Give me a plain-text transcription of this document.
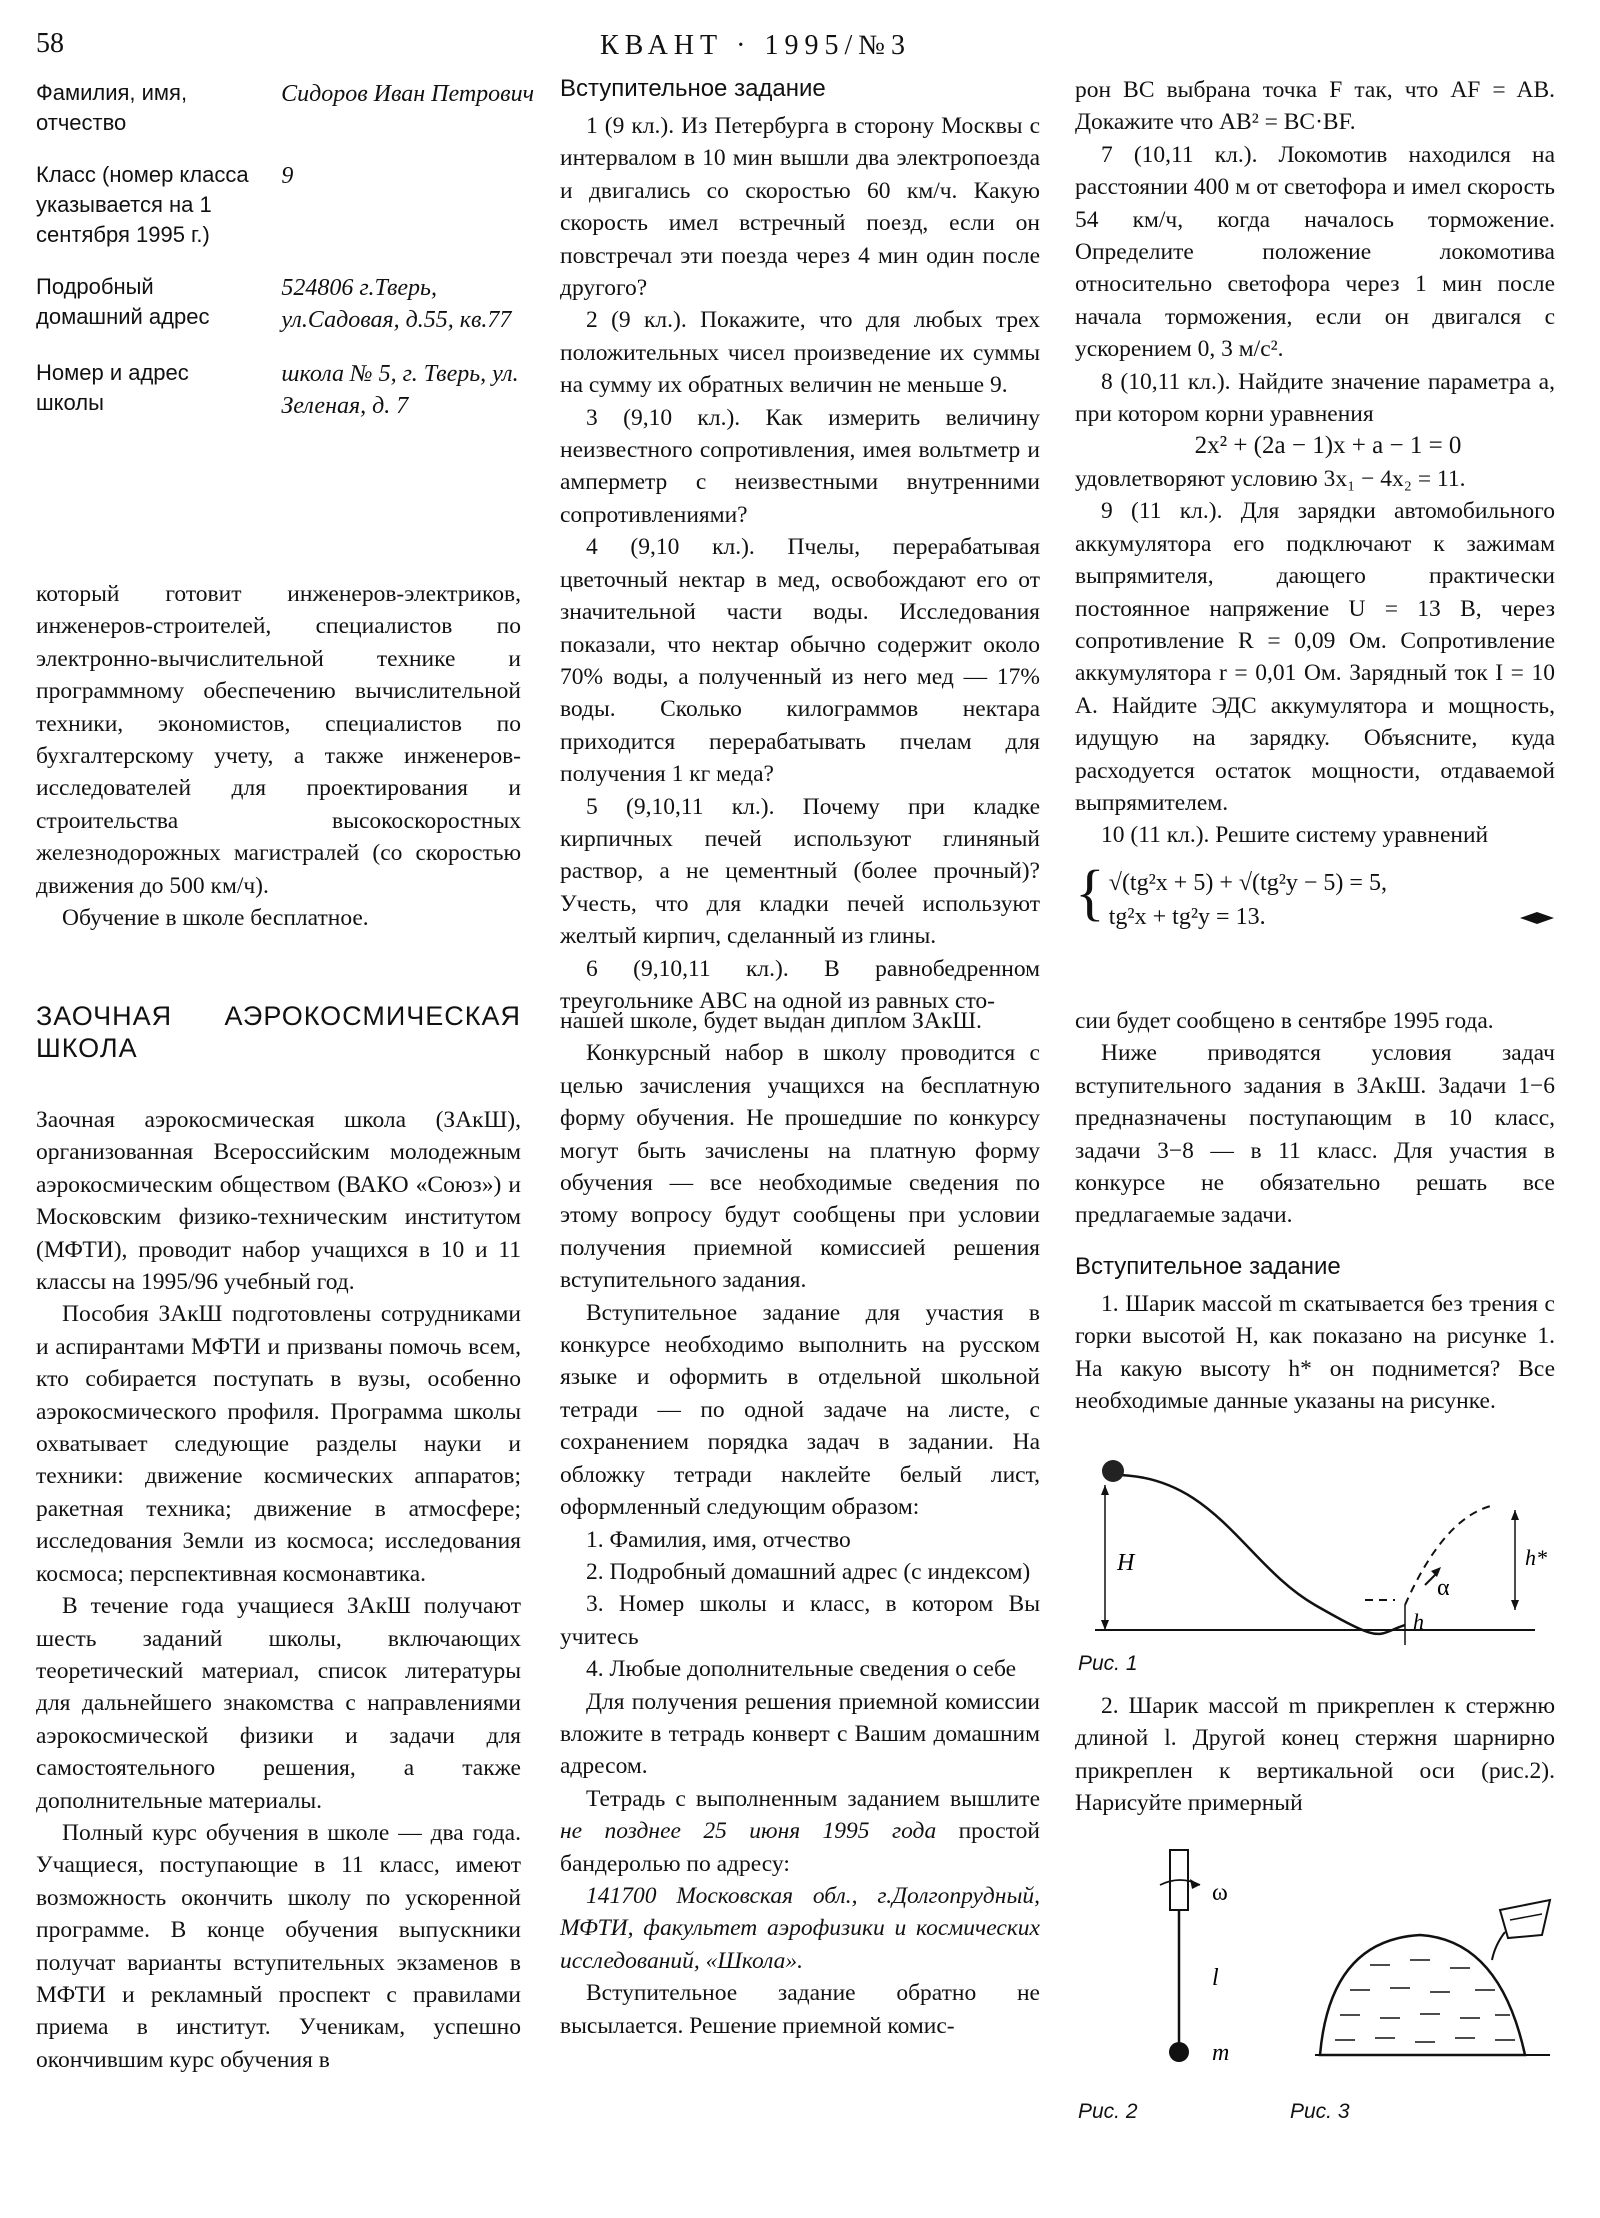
58	КВАНТ · 1995/№3
Фамилия, имя, отчество
Сидоров Иван Петрович
Класс (номер класса указывается на 1 сентября 1995 г.)
9
Подробный домашний адрес
524806 г.Тверь, ул.Садовая, д.55, кв.77
Номер и адрес школы
школа № 5, г. Тверь, ул. Зеленая, д. 7

который готовит инженеров-электриков, инженеров-строителей, специалистов по электронно-вычислительной технике и программному обеспечению вычислительной техники, экономистов, специалистов по бухгалтерскому учету, а также инженеров-исследователей для проектирования и строительства высокоскоростных железнодорожных магистралей (со скоростью движения до 500 км/ч).

Обучение в школе бесплатное.

Вступительное задание

1 (9 кл.). Из Петербурга в сторону Москвы с интервалом в 10 мин вышли два электропоезда и двигались со скоростью 60 км/ч. Какую скорость имел встречный поезд, если он повстречал эти поезда через 4 мин один после другого?

2 (9 кл.). Покажите, что для любых трех положительных чисел произведение их суммы на сумму их обратных величин не меньше 9.

3 (9,10 кл.). Как измерить величину неизвестного сопротивления, имея вольтметр и амперметр с неизвестными внутренними сопротивлениями?

4 (9,10 кл.). Пчелы, перерабатывая цветочный нектар в мед, освобождают его от значительной части воды. Исследования показали, что нектар обычно содержит около 70% воды, а полученный из него мед — 17% воды. Сколько килограммов нектара приходится перерабатывать пчелам для получения 1 кг меда?

5 (9,10,11 кл.). Почему при кладке кирпичных печей используют глиняный раствор, а не цементный (более прочный)? Учесть, что для кладки печей используют желтый кирпич, сделанный из глины.

6 (9,10,11 кл.). В равнобедренном треугольнике ABC на одной из равных сто-

рон BC выбрана точка F так, что AF = AB. Докажите что AB² = BC·BF.

7 (10,11 кл.). Локомотив находился на расстоянии 400 м от светофора и имел скорость 54 км/ч, когда началось торможение. Определите положение локомотива относительно светофора через 1 мин после начала торможения, если он двигался с ускорением 0, 3 м/с².

8 (10,11 кл.). Найдите значение параметра a, при котором корни уравнения

2x² + (2a − 1)x + a − 1 = 0

удовлетворяют условию 3x₁ − 4x₂ = 11.

9 (11 кл.). Для зарядки автомобильного аккумулятора его подключают к зажимам выпрямителя, дающего практически постоянное напряжение U = 13 В, через сопротивление R = 0,09 Ом. Сопротивление аккумулятора r = 0,01 Ом. Зарядный ток I = 10 А. Найдите ЭДС аккумулятора и мощность, идущую на зарядку. Объясните, куда расходуется остаток мощности, отдаваемой выпрямителем.

10 (11 кл.). Решите систему уравнений

{ √(tg²x + 5) + √(tg²y − 5) = 5,
tg²x + tg²y = 13.
ЗАОЧНАЯ АЭРОКОСМИЧЕСКАЯ ШКОЛА

Заочная аэрокосмическая школа (ЗАкШ), организованная Всероссийским молодежным аэрокосмическим обществом (ВАКО «Союз») и Московским физико-техническим институтом (МФТИ), проводит набор учащихся в 10 и 11 классы на 1995/96 учебный год.

Пособия ЗАкШ подготовлены сотрудниками и аспирантами МФТИ и призваны помочь всем, кто собирается поступать в вузы, особенно аэрокосмического профиля. Программа школы охватывает следующие разделы науки и техники: движение космических аппаратов; ракетная техника; движение в атмосфере; исследования Земли из космоса; исследования космоса; перспективная космонавтика.

В течение года учащиеся ЗАкШ получают шесть заданий школы, включающих теоретический материал, список литературы для дальнейшего знакомства с направлениями аэрокосмической физики и задачи для самостоятельного решения, а также дополнительные материалы.

Полный курс обучения в школе — два года. Учащиеся, поступающие в 11 класс, имеют возможность окончить школу по ускоренной программе. В конце обучения выпускники получат варианты вступительных экзаменов в МФТИ и рекламный проспект с правилами приема в институт. Ученикам, успешно окончившим курс обучения в

нашей школе, будет выдан диплом ЗАкШ.

Конкурсный набор в школу проводится с целью зачисления учащихся на бесплатную форму обучения. Не прошедшие по конкурсу могут быть зачислены на платную форму обучения — все необходимые сведения по этому вопросу будут сообщены при условии получения приемной комиссией решения вступительного задания.

Вступительное задание для участия в конкурсе необходимо выполнить на русском языке и оформить в отдельной школьной тетради — по одной задаче на листе, с сохранением порядка задач в задании. На обложку тетради наклейте белый лист, оформленный следующим образом:

1. Фамилия, имя, отчество

2. Подробный домашний адрес (с индексом)

3. Номер школы и класс, в котором Вы учитесь

4. Любые дополнительные сведения о себе

Для получения решения приемной комиссии вложите в тетрадь конверт с Вашим домашним адресом.

Тетрадь с выполненным заданием вышлите не позднее 25 июня 1995 года простой бандеролью по адресу:

141700 Московская обл., г.Долгопрудный, МФТИ, факультет аэрофизики и космических исследований, «Школа».

Вступительное задание обратно не высылается. Решение приемной комис-

сии будет сообщено в сентябре 1995 года.

Ниже приводятся условия задач вступительного задания в ЗАкШ. Задачи 1−6 предназначены поступающим в 10 класс, задачи 3−8 — в 11 класс. Для участия в конкурсе не обязательно решать все предлагаемые задачи.

Вступительное задание

1. Шарик массой m скатывается без трения с горки высотой H, как показано на рисунке 1. На какую высоту h* он поднимется? Все необходимые данные указаны на рисунке.

H
h
h*
α
Рис. 1

2. Шарик массой m прикреплен к стержню длиной l. Другой конец стержня шарнирно прикреплен к вертикальной оси (рис.2). Нарисуйте примерный

ω
l
m
Рис. 2	Рис. 3
